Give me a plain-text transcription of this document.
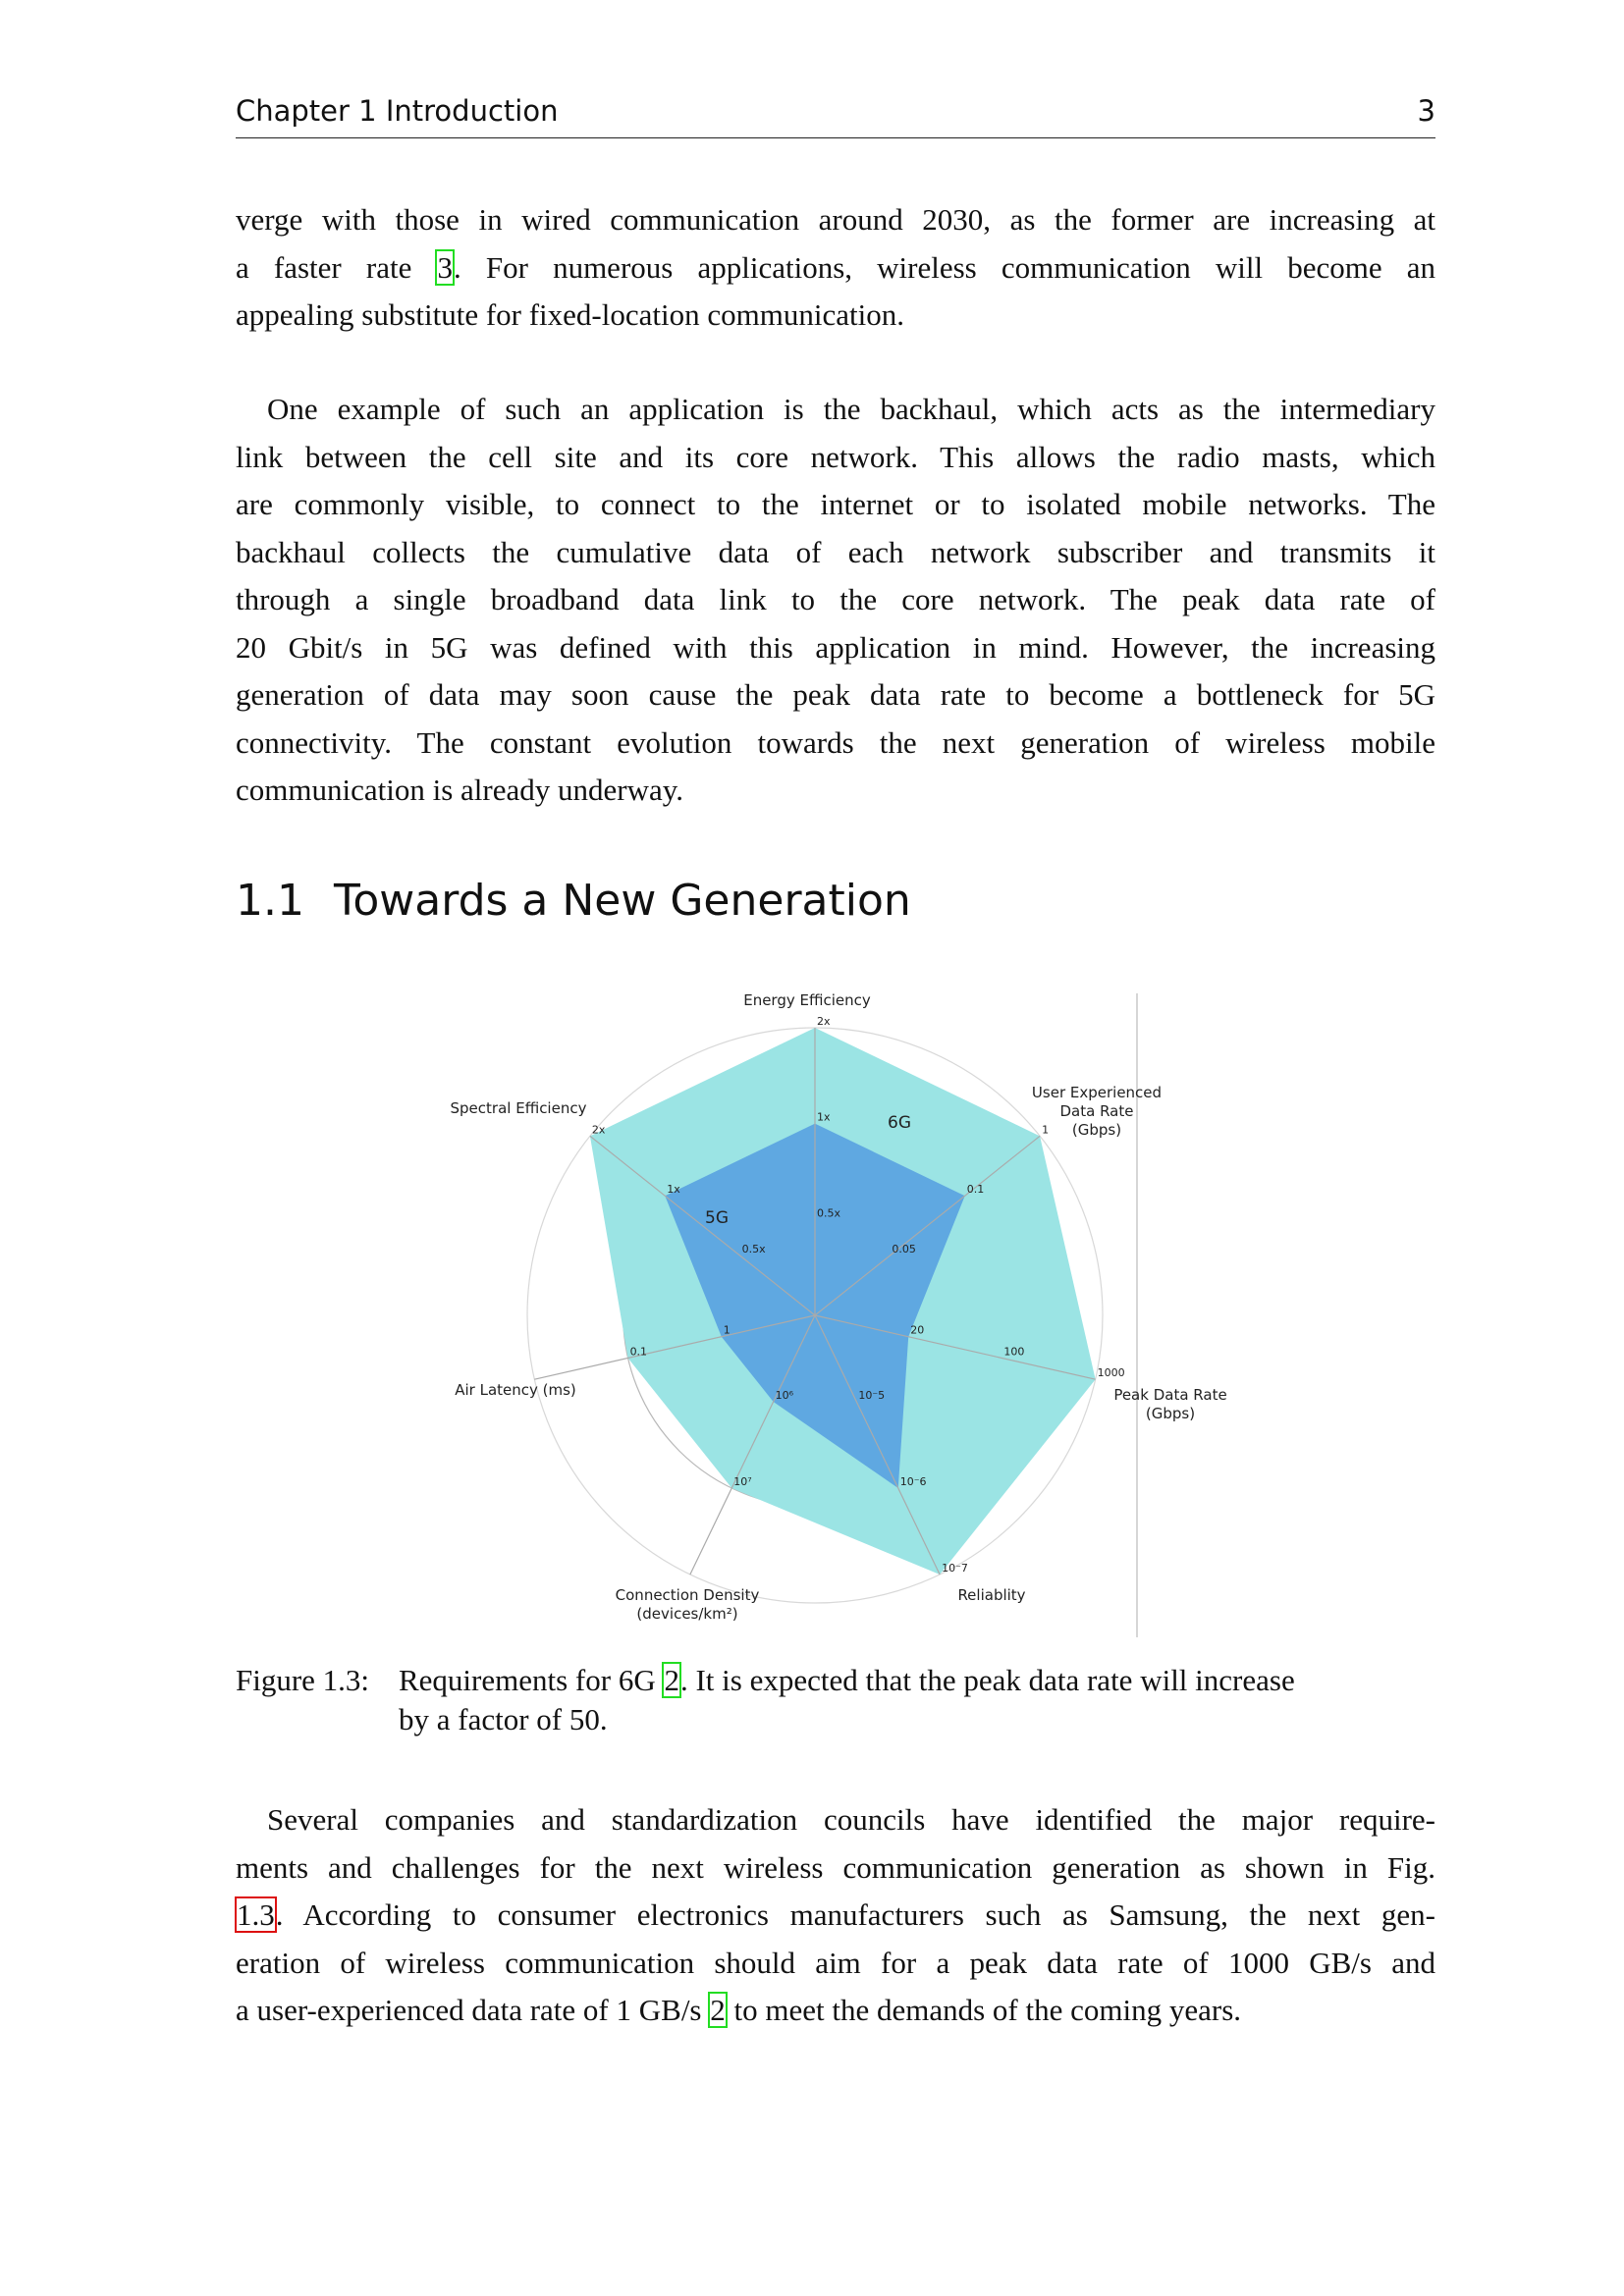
Chapter 1 Introduction	3
verge with those in wired communication around 2030, as the former are increasing at
a faster rate 3. For numerous applications, wireless communication will become an
appealing substitute for fixed-location communication.
One example of such an application is the backhaul, which acts as the intermediary
link between the cell site and its core network. This allows the radio masts, which
are commonly visible, to connect to the internet or to isolated mobile networks. The
backhaul collects the cumulative data of each network subscriber and transmits it
through a single broadband data link to the core network. The peak data rate of
20 Gbit/s in 5G was defined with this application in mind. However, the increasing
generation of data may soon cause the peak data rate to become a bottleneck for 5G
connectivity. The constant evolution towards the next generation of wireless mobile
communication is already underway.
1.1 Towards a New Generation
0.5x
1x
2x
0.05
0.1
1
20
100
1000
10⁻5
10⁻6
10⁻7
10⁶
10⁷
1
0.1
0.5x
1x
2x
Energy Efficiency
User Experienced Data Rate (Gbps)
Peak Data Rate (Gbps)
Reliablity
Connection Density (devices/km²)
Air Latency (ms)
Spectral Efficiency
6G
5G
Figure 1.3: Requirements for 6G 2. It is expected that the peak data rate will increase
by a factor of 50.
Several companies and standardization councils have identified the major require-
ments and challenges for the next wireless communication generation as shown in Fig.
1.3. According to consumer electronics manufacturers such as Samsung, the next gen-
eration of wireless communication should aim for a peak data rate of 1000 GB/s and
a user-experienced data rate of 1 GB/s 2 to meet the demands of the coming years.
